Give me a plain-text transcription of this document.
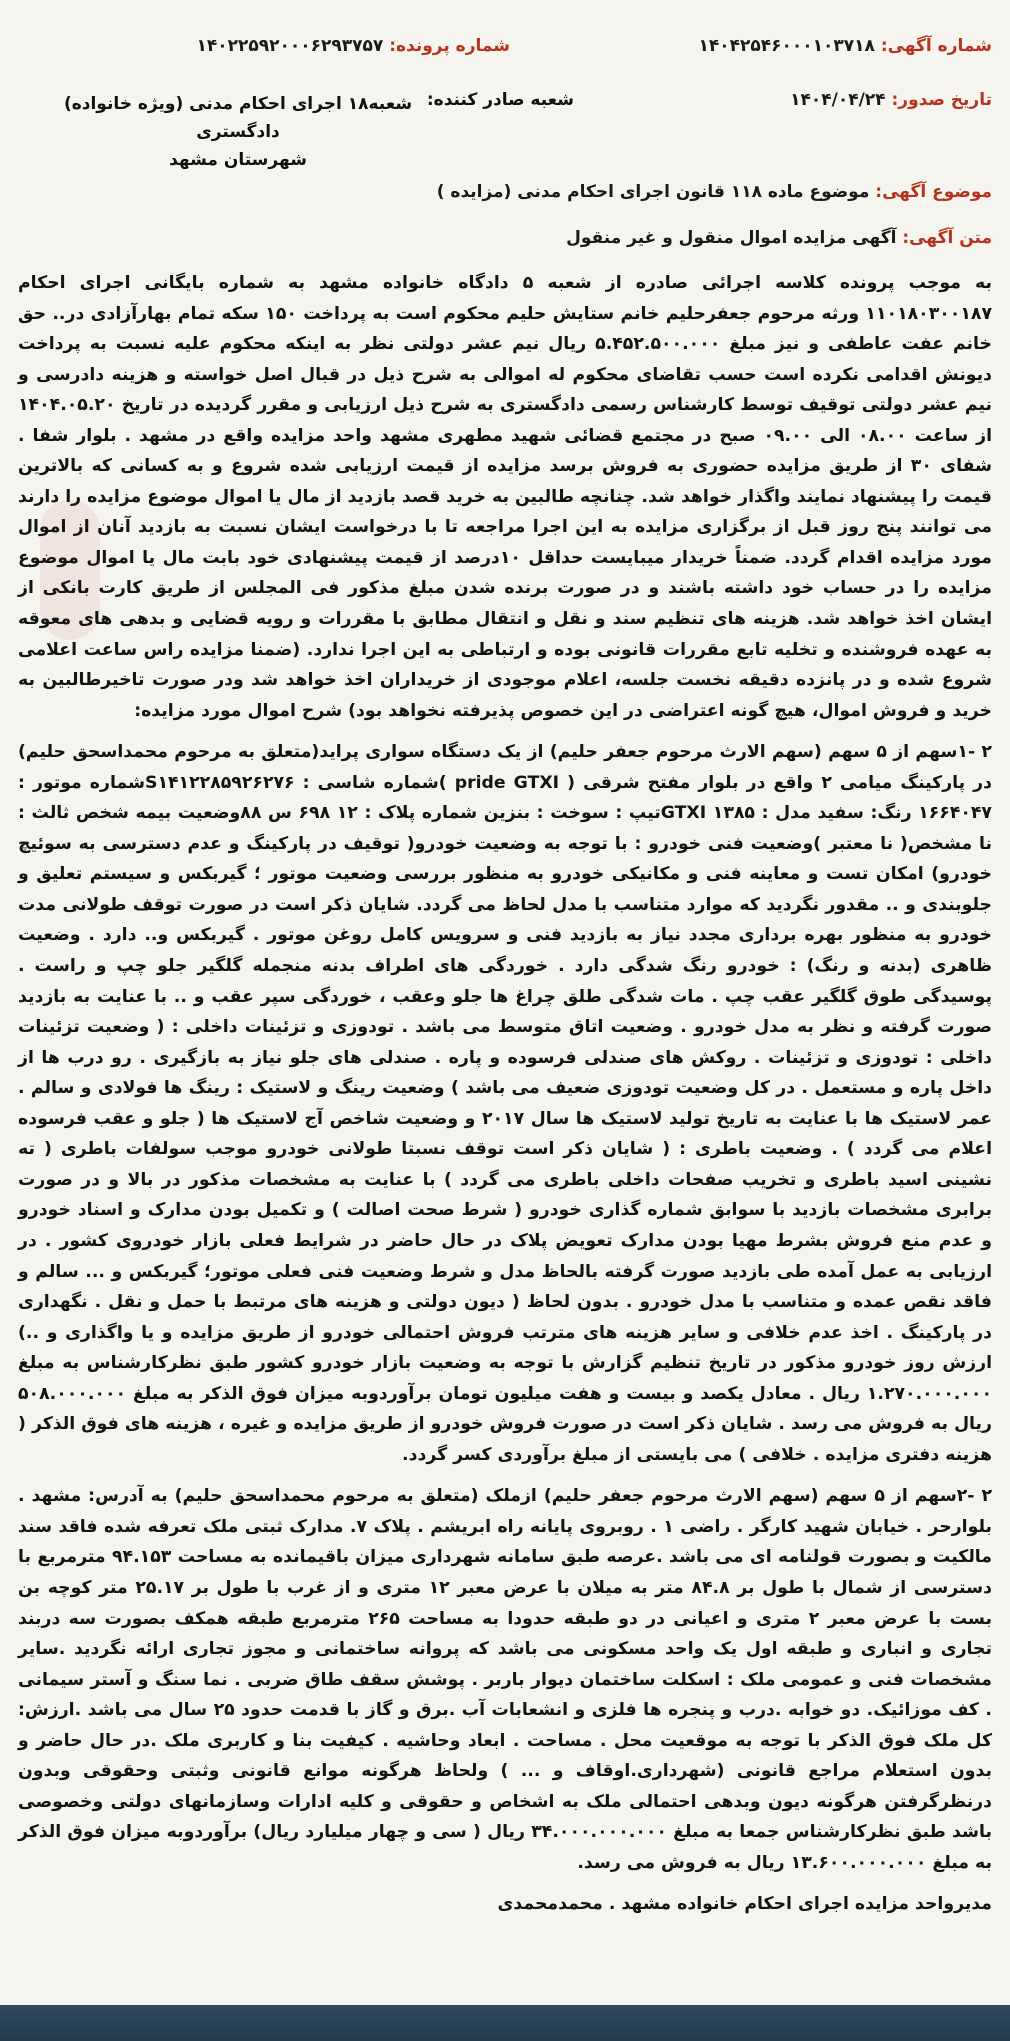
شماره آگهی: ۱۴۰۴۲۵۴۶۰۰۰۱۰۳۷۱۸
شماره پرونده: ۱۴۰۲۲۵۹۲۰۰۰۶۲۹۳۷۵۷
تاریخ صدور: ۱۴۰۴/۰۴/۲۴
شعبه صادر کننده:
شعبه۱۸ اجرای احکام مدنی (ویژه خانواده) دادگستری
شهرستان مشهد
موضوع آگهی: موضوع ماده ۱۱۸ قانون اجرای احکام مدنی (مزایده )
متن آگهی: آگهی مزایده اموال منقول و غیر منقول

به موجب پرونده کلاسه اجرائی صادره از شعبه ۵ دادگاه خانواده مشهد به شماره بایگانی اجرای احکام ۱۱۰۱۸۰۳۰۰۱۸۷ ورثه مرحوم جعفرحلیم خانم ستایش حلیم محکوم است به پرداخت ۱۵۰ سکه تمام بهارآزادی در.. حق خانم عفت عاطفی و نیز مبلغ ۵.۴۵۲.۵۰۰.۰۰۰ ریال نیم عشر دولتی نظر به اینکه محکوم علیه نسبت به پرداخت دیونش اقدامی نکرده است حسب تقاضای محکوم له اموالی به شرح ذیل در قبال اصل خواسته و هزینه دادرسی و نیم عشر دولتی توقیف توسط کارشناس رسمی دادگستری به شرح ذیل ارزیابی و مقرر گردیده در تاریخ ۱۴۰۴.۰۵.۲۰ از ساعت ۰۸.۰۰ الی ۰۹.۰۰ صبح در مجتمع قضائی شهید مطهری مشهد واحد مزایده واقع در مشهد . بلوار شفا . شفای ۳۰ از طریق مزایده حضوری به فروش برسد مزایده از قیمت ارزیابی شده شروع و به کسانی که بالاترین قیمت را پیشنهاد نمایند واگذار خواهد شد. چنانچه طالبین به خرید قصد بازدید از مال یا اموال موضوع مزایده را دارند می توانند پنج روز قبل از برگزاری مزایده به این اجرا مراجعه تا با درخواست ایشان نسبت به بازدید آنان از اموال مورد مزایده اقدام گردد. ضمناً خریدار میبایست حداقل ۱۰درصد از قیمت پیشنهادی خود بابت مال یا اموال موضوع مزایده را در حساب خود داشته باشند و در صورت برنده شدن مبلغ مذکور فی المجلس از طریق کارت بانکی از ایشان اخذ خواهد شد. هزینه های تنظیم سند و نقل و انتقال مطابق با مقررات و رویه قضایی و بدهی های معوقه به عهده فروشنده و تخلیه تابع مقررات قانونی بوده و ارتباطی به این اجرا ندارد. (ضمنا مزایده راس ساعت اعلامی شروع شده و در پانزده دقیقه نخست جلسه، اعلام موجودی از خریداران اخذ خواهد شد ودر صورت تاخیرطالبین به خرید و فروش اموال، هیچ گونه اعتراضی در این خصوص پذیرفته نخواهد بود) شرح اموال مورد مزایده:

۲ -۱سهم از ۵ سهم (سهم الارث مرحوم جعفر حلیم) از یک دستگاه سواری پراید(متعلق به مرحوم محمداسحق حلیم) در پارکینگ میامی ۲ واقع در بلوار مفتح شرقی ( pride GTXI )شماره شاسی : S۱۴۱۲۲۸۵۹۲۶۲۷۶شماره موتور : ۱۶۶۴۰۴۷ رنگ: سفید مدل : ۱۳۸۵ GTXIتیپ : سوخت : بنزین شماره پلاک : ۱۲ ۶۹۸ س ۸۸وضعیت بیمه شخص ثالث : نا مشخص( نا معتبر )وضعیت فنی خودرو : با توجه به وضعیت خودرو( توقیف در پارکینگ و عدم دسترسی به سوئیچ خودرو) امکان تست و معاینه فنی و مکانیکی خودرو به منظور بررسی وضعیت موتور ؛ گیربکس و سیستم تعلیق و جلوبندی و .. مقدور نگردید که موارد متناسب با مدل لحاظ می گردد. شایان ذکر است در صورت توقف طولانی مدت خودرو به منظور بهره برداری مجدد نیاز به بازدید فنی و سرویس کامل روغن موتور . گیربکس و.. دارد . وضعیت ظاهری (بدنه و رنگ) : خودرو رنگ شدگی دارد . خوردگی های اطراف بدنه منجمله گلگیر جلو چپ و راست . پوسیدگی طوق گلگیر عقب چپ . مات شدگی طلق چراغ ها جلو وعقب ، خوردگی سپر عقب و .. با عنایت به بازدید صورت گرفته و نظر به مدل خودرو . وضعیت اتاق متوسط می باشد . تودوزی و تزئینات داخلی : ( وضعیت تزئینات داخلی : تودوزی و تزئینات . روکش های صندلی فرسوده و پاره . صندلی های جلو نیاز به بازگیری . رو درب ها از داخل پاره و مستعمل . در کل وضعیت تودوزی ضعیف می باشد ) وضعیت رینگ و لاستیک : رینگ ها فولادی و سالم . عمر لاستیک ها با عنایت به تاریخ تولید لاستیک ها سال ۲۰۱۷ و وضعیت شاخص آج لاستیک ها ( جلو و عقب فرسوده اعلام می گردد ) . وضعیت باطری : ( شایان ذکر است توقف نسبتا طولانی خودرو موجب سولفات باطری ( ته نشینی اسید باطری و تخریب صفحات داخلی باطری می گردد ) با عنایت به مشخصات مذکور در بالا و در صورت برابری مشخصات بازدید با سوابق شماره گذاری خودرو ( شرط صحت اصالت ) و تکمیل بودن مدارک و اسناد خودرو و عدم منع فروش بشرط مهیا بودن مدارک تعویض پلاک در حال حاضر در شرایط فعلی بازار خودروی کشور . در ارزیابی به عمل آمده طی بازدید صورت گرفته بالحاظ مدل و شرط وضعیت فنی فعلی موتور؛ گیربکس و ... سالم و فاقد نقص عمده و متناسب با مدل خودرو . بدون لحاظ ( دیون دولتی و هزینه های مرتبط با حمل و نقل . نگهداری در پارکینگ . اخذ عدم خلافی و سایر هزینه های مترتب فروش احتمالی خودرو از طریق مزایده و یا واگذاری و ..) ارزش روز خودرو مذکور در تاریخ تنظیم گزارش با توجه به وضعیت بازار خودرو کشور طبق نظرکارشناس به مبلغ ۱.۲۷۰.۰۰۰.۰۰۰ ریال . معادل یکصد و بیست و هفت میلیون تومان برآوردوبه میزان فوق الذکر به مبلغ ۵۰۸.۰۰۰.۰۰۰ ریال به فروش می رسد . شایان ذکر است در صورت فروش خودرو از طریق مزایده و غیره ، هزینه های فوق الذکر ( هزینه دفتری مزایده . خلافی ) می بایستی از مبلغ برآوردی کسر گردد.

۲ -۲سهم از ۵ سهم (سهم الارث مرحوم جعفر حلیم) ازملک (متعلق به مرحوم محمداسحق حلیم) به آدرس: مشهد . بلوارحر . خیابان شهید کارگر . راضی ۱ . روبروی پایانه راه ابریشم . پلاک ۷. مدارک ثبتی ملک تعرفه شده فاقد سند مالکیت و بصورت قولنامه ای می باشد .عرصه طبق سامانه شهرداری میزان باقیمانده به مساحت ۹۴.۱۵۳ مترمربع با دسترسی از شمال با طول بر ۸۴.۸ متر به میلان با عرض معبر ۱۲ متری و از غرب با طول بر ۲۵.۱۷ متر کوچه بن بست با عرض معبر ۲ متری و اعیانی در دو طبقه حدودا به مساحت ۲۶۵ مترمربع طبقه همکف بصورت سه دربند تجاری و انباری و طبقه اول یک واحد مسکونی می باشد که پروانه ساختمانی و مجوز تجاری ارائه نگردید .سایر مشخصات فنی و عمومی ملک : اسکلت ساختمان دیوار باربر . پوشش سقف طاق ضربی . نما سنگ و آستر سیمانی . کف موزائیک. دو خوابه .درب و پنجره ها فلزی و انشعابات آب .برق و گاز با قدمت حدود ۲۵ سال می باشد .ارزش: کل ملک فوق الذکر با توجه به موقعیت محل . مساحت . ابعاد وحاشیه . کیفیت بنا و کاربری ملک .در حال حاضر و بدون استعلام مراجع قانونی (شهرداری.اوقاف و ... ) ولحاظ هرگونه موانع قانونی وثبتی وحقوقی وبدون درنظرگرفتن هرگونه دیون وبدهی احتمالی ملک به اشخاص و حقوقی و کلیه ادارات وسازمانهای دولتی وخصوصی باشد طبق نظرکارشناس جمعا به مبلغ ۳۴.۰۰۰.۰۰۰.۰۰۰ ریال ( سی و چهار میلیارد ریال) برآوردوبه میزان فوق الذکر به مبلغ ۱۳.۶۰۰.۰۰۰.۰۰۰ ریال به فروش می رسد.

مدیرواحد مزایده اجرای احکام خانواده مشهد . محمدمحمدی
